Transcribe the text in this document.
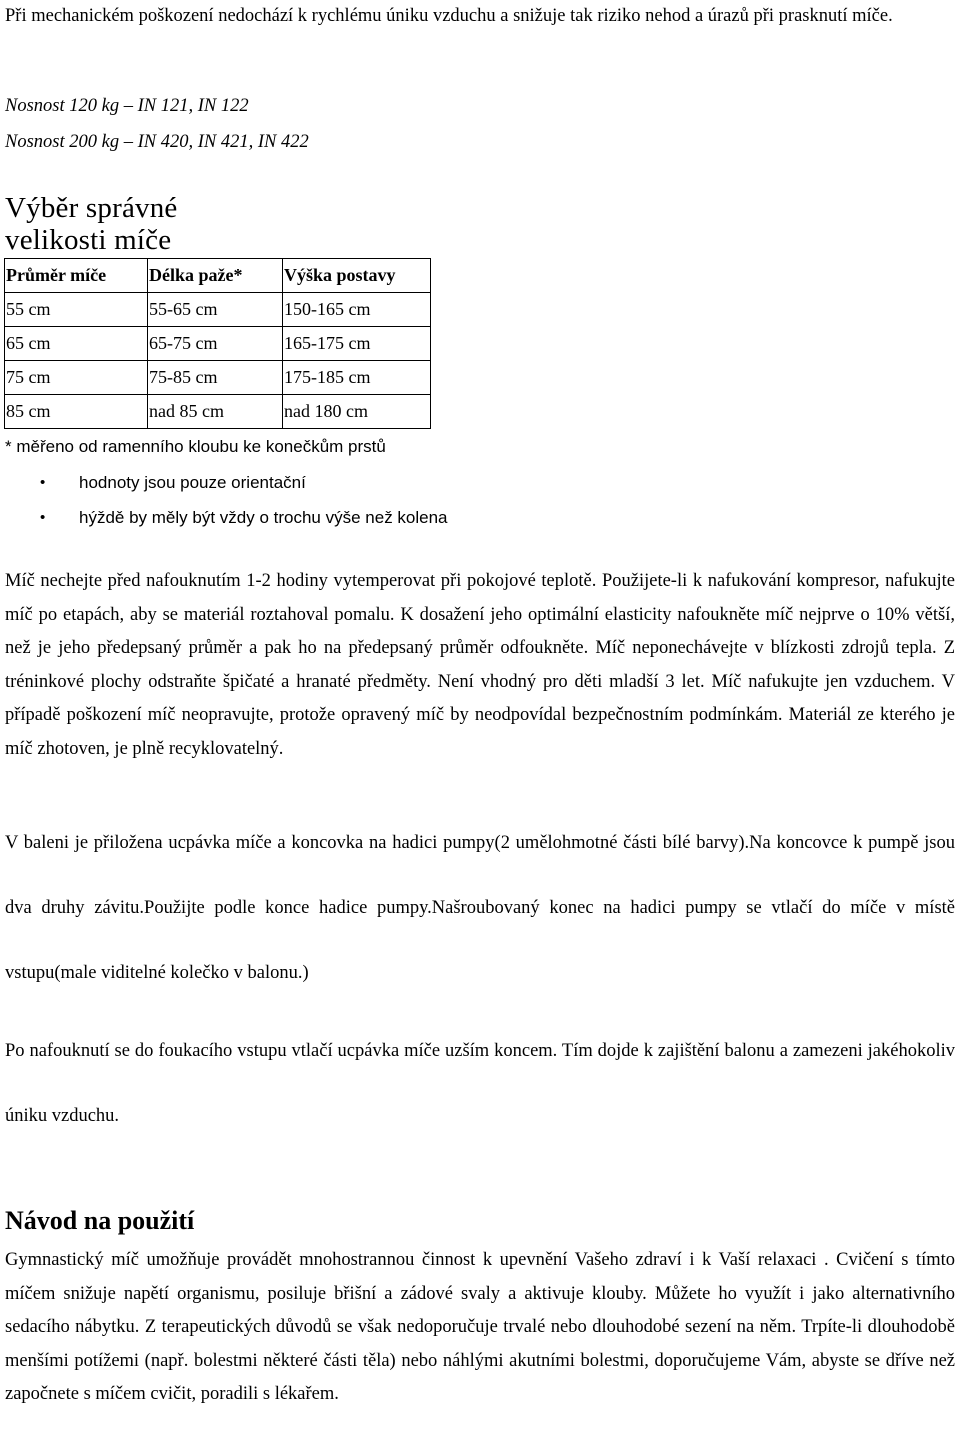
Při mechanickém poškození nedochází k rychlému úniku vzduchu a snižuje tak riziko nehod a úrazů při prasknutí míče.

Nosnost 120 kg – IN 121, IN 122
Nosnost 200 kg – IN 420, IN 421, IN 422
Výběr správné
velikosti míče
Průměr míče	Délka paže*	Výška postavy
55 cm	55-65 cm	150-165 cm
65 cm	65-75 cm	165-175 cm
75 cm	75-85 cm	175-185 cm
85 cm	nad 85 cm	nad 180 cm
* měřeno od ramenního kloubu ke konečkům prstů
• hodnoty jsou pouze orientační
• hýždě by měly být vždy o trochu výše než kolena

Míč nechejte před nafouknutím 1-2 hodiny vytemperovat při pokojové teplotě. Použijete-li k nafukování kompresor, nafukujte míč po etapách, aby se materiál roztahoval pomalu. K dosažení jeho optimální elasticity nafoukněte míč nejprve o 10% větší, než je jeho předepsaný průměr a pak ho na předepsaný průměr odfoukněte. Míč neponechávejte v blízkosti zdrojů tepla. Z tréninkové plochy odstraňte špičaté a hranaté předměty. Není vhodný pro děti mladší 3 let. Míč nafukujte jen vzduchem. V případě poškození míč neopravujte, protože opravený míč by neodpovídal bezpečnostním podmínkám. Materiál ze kterého je míč zhotoven, je plně recyklovatelný.

V baleni je přiložena ucpávka míče a koncovka na hadici pumpy(2 umělohmotné části bílé barvy).Na koncovce k pumpě jsou dva druhy závitu.Použijte podle konce hadice pumpy.Našroubovaný konec na hadici pumpy se vtlačí do míče v místě vstupu(male viditelné kolečko v balonu.)

Po nafouknutí se do foukacího vstupu vtlačí ucpávka míče uzším koncem. Tím dojde k zajištění balonu a zamezeni jakéhokoliv úniku vzduchu.

Návod na použití

Gymnastický míč umožňuje provádět mnohostrannou činnost k upevnění Vašeho zdraví i k Vaší relaxaci . Cvičení s tímto míčem snižuje napětí organismu, posiluje břišní a zádové svaly a aktivuje klouby. Můžete ho využít i jako alternativního sedacího nábytku. Z terapeutických důvodů se však nedoporučuje trvalé nebo dlouhodobé sezení na něm. Trpíte-li dlouhodobě menšími potížemi (např. bolestmi některé části těla) nebo náhlými akutními bolestmi, doporučujeme Vám, abyste se dříve než započnete s míčem cvičit, poradili s lékařem.
